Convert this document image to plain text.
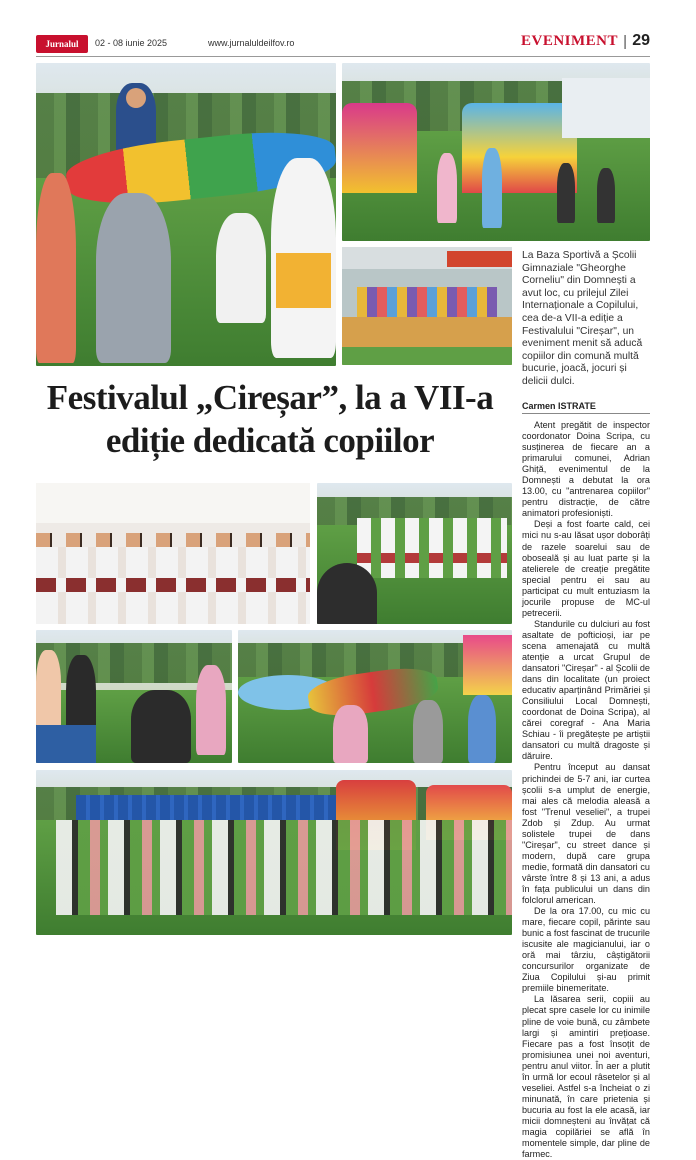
Jurnalul	02 - 08 iunie 2025	www.jurnaluldeilfov.ro	EVENIMENT | 29
Festivalul „Cireșar”, la a VII-a ediție dedicată copiilor
La Baza Sportivă a Școlii Gimnaziale "Gheorghe Corneliu" din Domnești a avut loc, cu prilejul Zilei Internaționale a Copilului, cea de-a VII-a ediție a Festivalului "Cireșar", un eveniment menit să aducă copiilor din comună multă bucurie, joacă, jocuri și delicii dulci.
Carmen ISTRATE

Atent pregătit de inspector coordonator Doina Scripa, cu susținerea de fiecare an a primarului comunei, Adrian Ghiță, evenimentul de la Domnești a debutat la ora 13.00, cu "antrenarea copiilor" pentru distracție, de către animatori profesioniști.

Deși a fost foarte cald, cei mici nu s-au lăsat ușor doborâți de razele soarelui sau de oboseală și au luat parte și la atelierele de creație pregătite special pentru ei sau au participat cu mult entuziasm la jocurile propuse de MC-ul petrecerii.

Standurile cu dulciuri au fost asaltate de pofticioși, iar pe scena amenajată cu multă atenție a urcat Grupul de dansatori "Cireșar" - al Școlii de dans din localitate (un proiect educativ aparținând Primăriei și Consiliului Local Domnești, coordonat de Doina Scripa), al cărei coregraf - Ana Maria Schiau - îi pregătește pe artiștii dansatori cu multă dragoste și dăruire.

Pentru început au dansat prichindei de 5-7 ani, iar curtea școlii s-a umplut de energie, mai ales că melodia aleasă a fost "Trenul veseliei", a trupei Zdob și Zdup. Au urmat solistele trupei de dans "Cireșar", cu street dance și modern, după care grupa medie, formată din dansatori cu vârste între 8 și 13 ani, a adus în fața publicului un dans din folclorul american.

De la ora 17.00, cu mic cu mare, fiecare copil, părinte sau bunic a fost fascinat de trucurile iscusite ale magicianului, iar o oră mai târziu, câștigătorii concursurilor organizate de Ziua Copilului și-au primit premiile binemeritate.

La lăsarea serii, copiii au plecat spre casele lor cu inimile pline de voie bună, cu zâmbete largi și amintiri prețioase. Fiecare pas a fost însoțit de promisiunea unei noi aventuri, pentru anul viitor. În aer a plutit în urmă lor ecoul râsetelor și al veseliei. Astfel s-a încheiat o zi minunată, în care prietenia și bucuria au fost la ele acasă, iar micii domneșteni au învățat că magia copilăriei se află în momentele simple, dar pline de farmec.
